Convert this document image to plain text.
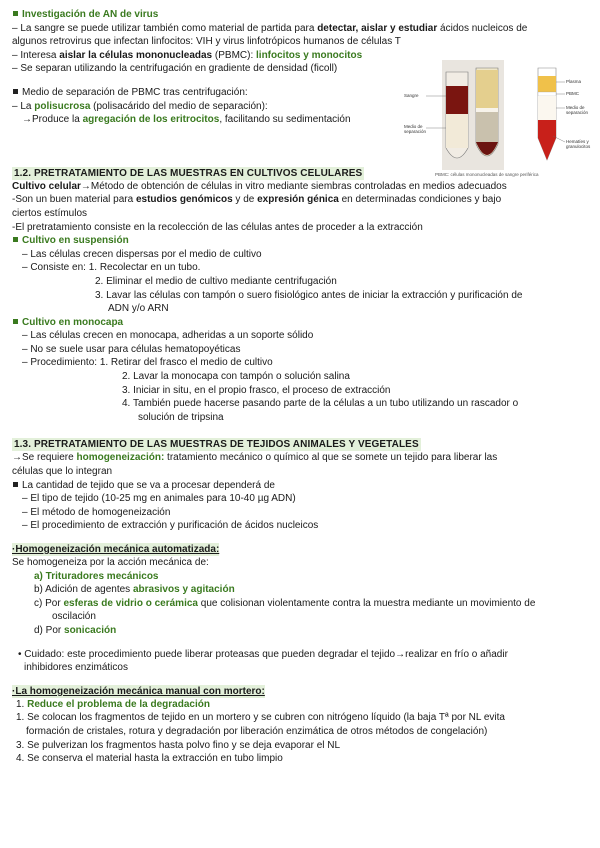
Investigación de AN de virus
– La sangre se puede utilizar también como material de partida para detectar, aislar y estudiar ácidos nucleicos de
algunos retrovirus que infectan linfocitos: VIH y virus linfotrópicos humanos de células T
– Interesa aislar la células mononucleadas (PBMC): linfocitos y monocitos
– Se separan utilizando la centrifugación en gradiente de densidad (ficoll)
Medio de separación de PBMC tras centrifugación:
– La polisucrosa (polisacárido del medio de separación):
→Produce la agregación de los eritrocitos, facilitando su sedimentación
1.2. PRETRATAMIENTO DE LAS MUESTRAS EN CULTIVOS CELULARES
Cultivo celular→Método de obtención de células in vitro mediante siembras controladas en medios adecuados
-Son un buen material para estudios genómicos y de expresión génica en determinadas condiciones y bajo
ciertos estímulos
-El pretratamiento consiste en la recolección de las células antes de proceder a la extracción
Cultivo en suspensión
– Las células crecen dispersas por el medio de cultivo
– Consiste en: 1. Recolectar en un tubo.
2. Eliminar el medio de cultivo mediante centrifugación
3. Lavar las células con tampón o suero fisiológico antes de iniciar la extracción y purificación de
ADN y/o ARN
Cultivo en monocapa
– Las células crecen en monocapa, adheridas a un soporte sólido
– No se suele usar para células hematopoyéticas
– Procedimiento: 1. Retirar del frasco el medio de cultivo
2. Lavar la monocapa con tampón o solución salina
3. Iniciar in situ, en el propio frasco, el proceso de extracción
4. También puede hacerse pasando parte de la células a un tubo utilizando un rascador o
solución de tripsina
1.3. PRETRATAMIENTO DE LAS MUESTRAS DE TEJIDOS ANIMALES Y VEGETALES
→Se requiere homogeneización: tratamiento mecánico o químico al que se somete un tejido para liberar las
células que lo integran
La cantidad de tejido que se va a procesar dependerá de
– El tipo de tejido (10-25 mg en animales para 10-40 µg ADN)
– El método de homogeneización
– El procedimiento de extracción y purificación de ácidos nucleicos
·Homogeneización mecánica automatizada:
Se homogeneiza por la acción mecánica de:
a) Trituradores mecánicos
b) Adición de agentes abrasivos y agitación
c) Por esferas de vidrio o cerámica que colisionan violentamente contra la muestra mediante un movimiento de
oscilación
d) Por sonicación
• Cuidado: este procedimiento puede liberar proteasas que pueden degradar el tejido→realizar en frío o añadir
inhibidores enzimáticos
·La homogeneización mecánica manual con mortero:
1. Reduce el problema de la degradación
1. Se colocan los fragmentos de tejido en un mortero y se cubren con nitrógeno líquido (la baja Tª por NL evita
formación de cristales, rotura y degradación por liberación enzimática de otros métodos de congelación)
3. Se pulverizan los fragmentos hasta polvo fino y se deja evaporar el NL
4. Se conserva el material hasta la extracción en tubo limpio
Sangre
Medio de separación
Plasma
PBMC
Medio de separación
Hematíes y granulocitos
PBMC: células mononucleadas de sangre periférica
